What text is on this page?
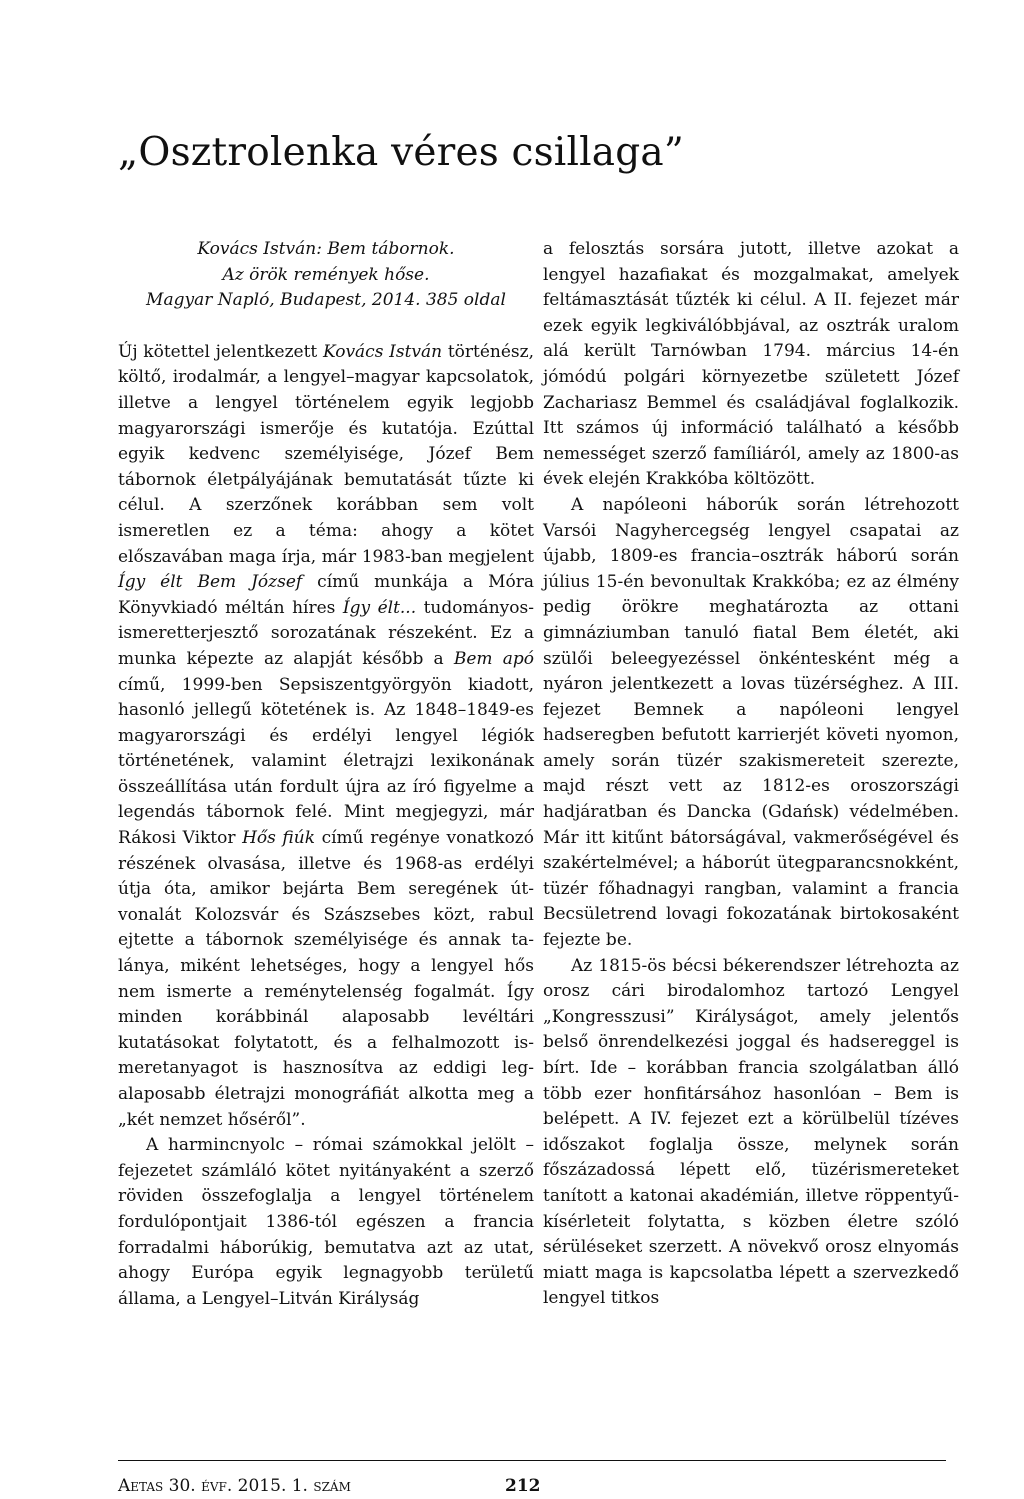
„Osztrolenka véres csillaga”
Kovács István: Bem tábornok.
Az örök remények hőse.
Magyar Napló, Budapest, 2014. 385 oldal

Új kötettel jelentkezett Kovács István történész, költő, irodalmár, a lengyel–magyar kapcsolatok, illetve a lengyel történelem egyik legjobb magyarországi ismerője és kutatója. Ezúttal egyik kedvenc személyisége, Józef Bem tábornok életpályájának bemutatását tűzte ki célul. A szerzőnek korábban sem volt ismeretlen ez a téma: ahogy a kötet előszavában maga írja, már 1983-ban megjelent Így élt Bem József című munkája a Móra Könyvkiadó méltán híres Így élt... tudományos-ismeretterjesztő sorozatának részeként. Ez a munka képezte az alapját később a Bem apó című, 1999-ben Sepsiszentgyörgyön kiadott, hasonló jellegű kötetének is. Az 1848–1849-es magyarországi és erdélyi lengyel légiók történetének, valamint életrajzi lexikonának összeállítása után fordult újra az író figyelme a legendás tábornok felé. Mint megjegyzi, már Rákosi Viktor Hős fiúk című regénye vonatkozó részének olvasása, illetve és 1968-as erdélyi útja óta, amikor bejárta Bem seregének útvonalát Kolozsvár és Szászsebes közt, rabul ejtette a tábornok személyisége és annak talánya, miként lehetséges, hogy a lengyel hős nem ismerte a reménytelenség fogalmát. Így minden korábbinál alaposabb levéltári kutatásokat folytatott, és a felhalmozott ismeretanyagot is hasznosítva az eddigi legalaposabb életrajzi monográfiát alkotta meg a „két nemzet hőséről”.

A harmincnyolc – római számokkal jelölt – fejezetet számláló kötet nyitányaként a szerző röviden összefoglalja a lengyel történelem fordulópontjait 1386-tól egészen a francia forradalmi háborúkig, bemutatva azt az utat, ahogy Európa egyik legnagyobb területű állama, a Lengyel–Litván Királyság

a felosztás sorsára jutott, illetve azokat a lengyel hazafiakat és mozgalmakat, amelyek feltámasztását tűzték ki célul. A II. fejezet már ezek egyik legkiválóbbjával, az osztrák uralom alá került Tarnówban 1794. március 14-én jómódú polgári környezetbe született Józef Zachariasz Bemmel és családjával foglalkozik. Itt számos új információ található a később nemességet szerző famíliáról, amely az 1800-as évek elején Krakkóba költözött.

A napóleoni háborúk során létrehozott Varsói Nagyhercegség lengyel csapatai az újabb, 1809-es francia–osztrák háború során július 15-én bevonultak Krakkóba; ez az élmény pedig örökre meghatározta az ottani gimnáziumban tanuló fiatal Bem életét, aki szülői beleegyezéssel önkéntesként még a nyáron jelentkezett a lovas tüzérséghez. A III. fejezet Bemnek a napóleoni lengyel hadseregben befutott karrierjét követi nyomon, amely során tüzér szakismereteit szerezte, majd részt vett az 1812-es oroszországi hadjáratban és Dancka (Gdańsk) védelmében. Már itt kitűnt bátorságával, vakmerőségével és szakértelmével; a háborút ütegparancsnokként, tüzér főhadnagyi rangban, valamint a francia Becsületrend lovagi fokozatának birtokosaként fejezte be.

Az 1815-ös bécsi békerendszer létrehozta az orosz cári birodalomhoz tartozó Lengyel „Kongresszusi” Királyságot, amely jelentős belső önrendelkezési joggal és hadsereggel is bírt. Ide – korábban francia szolgálatban álló több ezer honfitársához hasonlóan – Bem is belépett. A IV. fejezet ezt a körülbelül tízéves időszakot foglalja össze, melynek során főszázadossá lépett elő, tüzérismereteket tanított a katonai akadémián, illetve röppentyű-kísérleteit folytatta, s közben életre szóló sérüléseket szerzett. A növekvő orosz elnyomás miatt maga is kapcsolatba lépett a szervezkedő lengyel titkos

Aetas 30. évf. 2015. 1. szám	212
